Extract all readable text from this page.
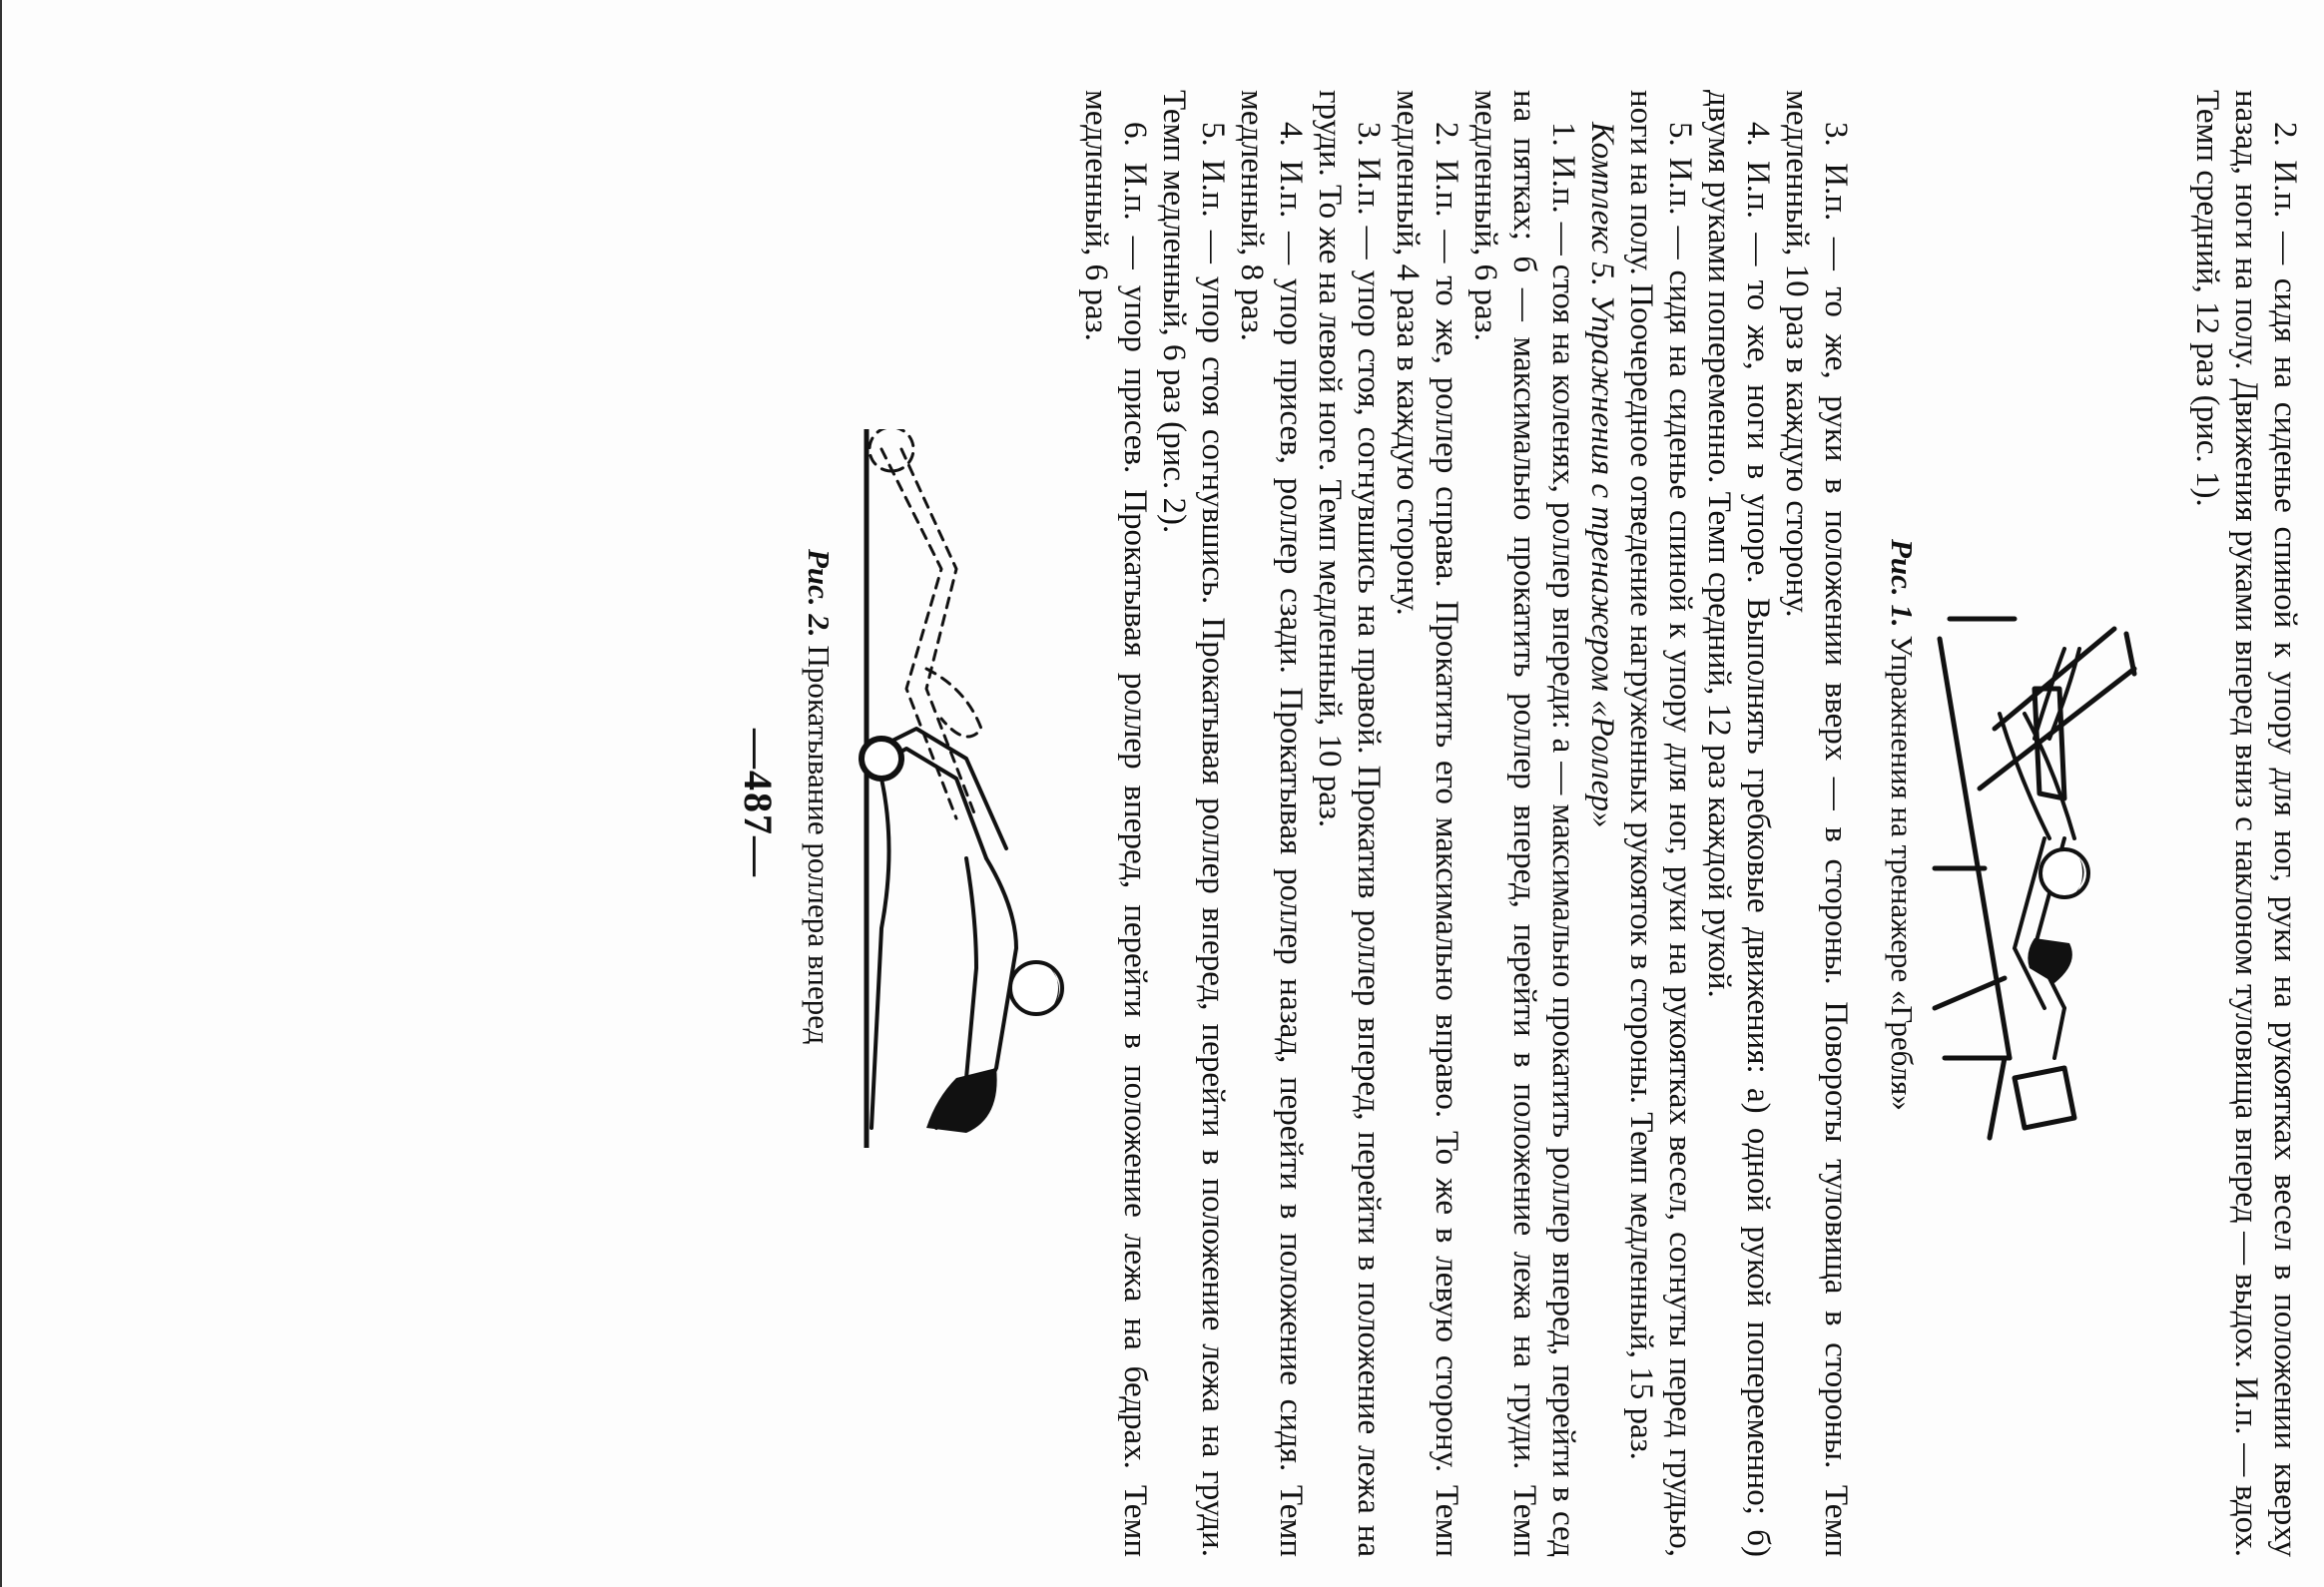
2. И.п. — сидя на сиденье спиной к упору для ног, руки на рукоятках весел в положении кверху назад, ноги на полу. Движения руками вперед вниз с наклоном туловища вперед — выдох. И.п. — вдох. Темп средний, 12 раз (рис. 1).

Рис. 1. Упражнения на тренажере «Гребля»

3. И.п. — то же, руки в положении вверх — в стороны. Повороты туловища в стороны. Темп медленный, 10 раз в каждую сторону.

4. И.п. — то же, ноги в упоре. Выполнять гребковые движения: а) одной рукой попеременно; б) двумя руками попеременно. Темп средний, 12 раз каждой рукой.

5. И.п. — сидя на сиденье спиной к упору для ног, руки на рукоятках весел, согнуты перед грудью, ноги на полу. Поочередное отведение нагруженных рукояток в стороны. Темп медленный, 15 раз.

Комплекс 5. Упражнения с тренажером «Роллер»

1. И.п. — стоя на коленях, роллер впереди: а — максимально прокатить роллер вперед, перейти в сед на пятках; б — максимально прокатить роллер вперед, перейти в положение лежа на груди. Темп медленный, 6 раз.

2. И.п. — то же, роллер справа. Прокатить его максимально вправо. То же в левую сторону. Темп медленный, 4 раза в каждую сторону.

3. И.п. — упор стоя, согнувшись на правой. Прокатив роллер вперед, перейти в положение лежа на груди. То же на левой ноге. Темп медленный, 10 раз.

4. И.п. — упор присев, роллер сзади. Прокатывая роллер назад, перейти в положение сидя. Темп медленный, 8 раз.

5. И.п. — упор стоя согнувшись. Прокатывая роллер вперед, перейти в положение лежа на груди. Темп медленный, 6 раз (рис. 2).

6. И.п. — упор присев. Прокатывая роллер вперед, перейти в положение лежа на бедрах. Темп медленный, 6 раз.

Рис. 2. Прокатывание роллера вперед
—487—
